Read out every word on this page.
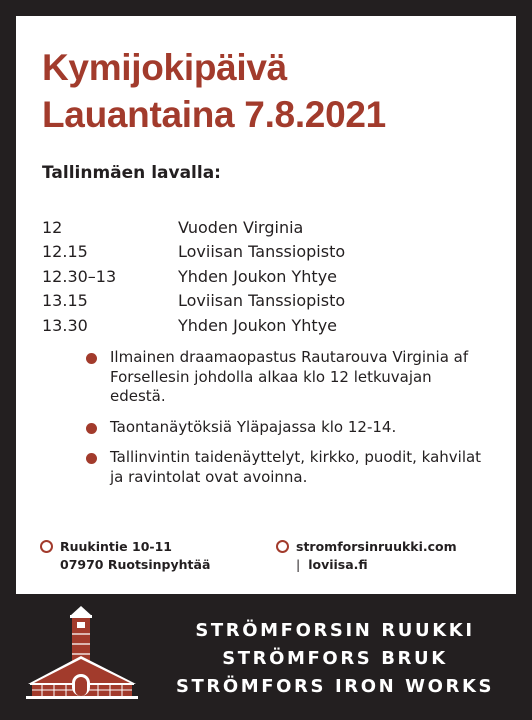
Kymijokipäivä
Lauantaina 7.8.2021
Tallinmäen lavalla:
12	Vuoden Virginia
12.15	Loviisan Tanssiopisto
12.30–13	Yhden Joukon Yhtye
13.15	Loviisan Tanssiopisto
13.30	Yhden Joukon Yhtye
Ilmainen draamaopastus Rautarouva Virginia af Forsellesin johdolla alkaa klo 12 letkuvajan edestä.
Taontanäytöksiä Yläpajassa klo 12-14.
Tallinvintin taidenäyttelyt, kirkko, puodit, kahvilat ja ravintolat ovat avoinna.
Ruukintie 10-11
07970 Ruotsinpyhtää
stromforsinruukki.com
| loviisa.fi
STRÖMFORSIN RUUKKI
STRÖMFORS BRUK
STRÖMFORS IRON WORKS
